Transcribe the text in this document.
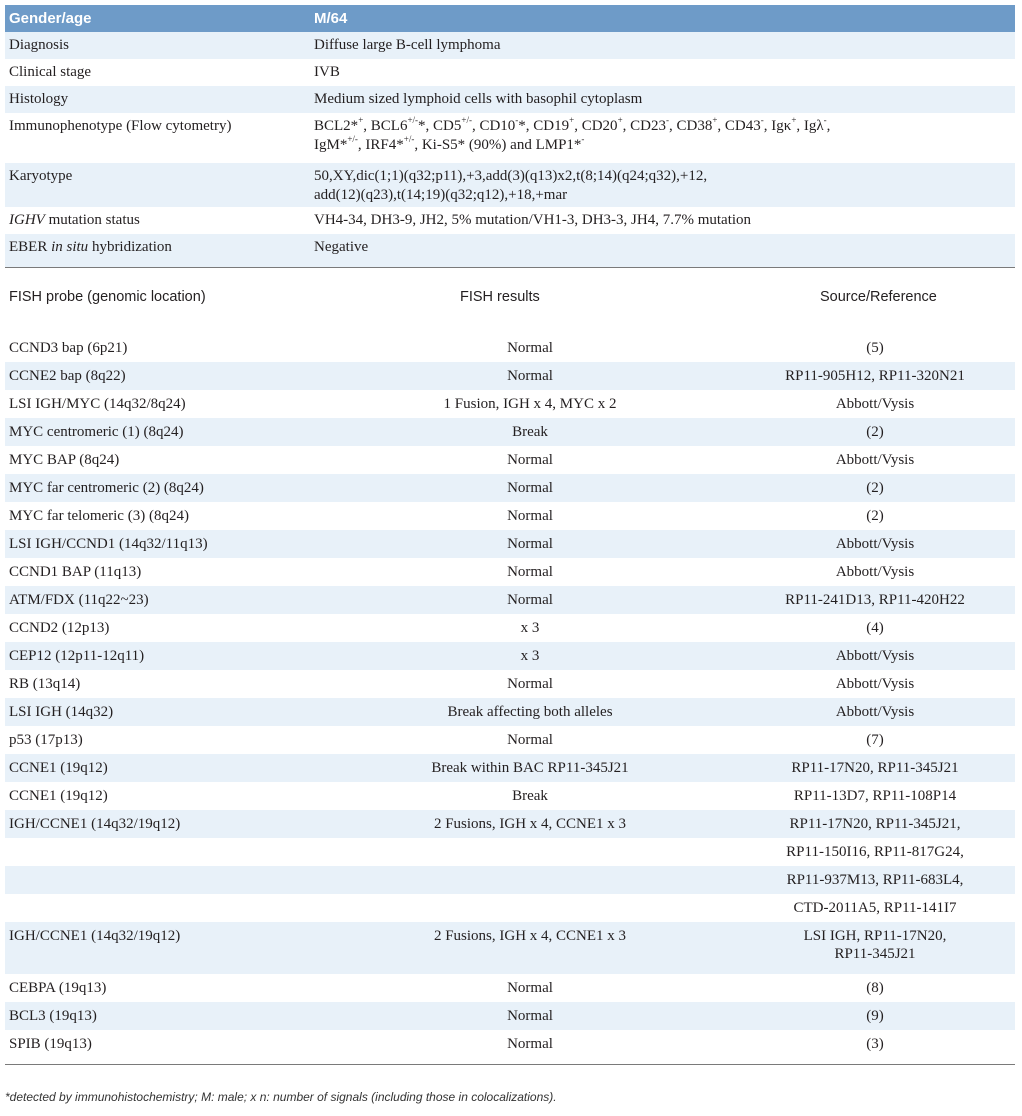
Gender/age	M/64
Diagnosis	Diffuse large B-cell lymphoma
Clinical stage	IVB
Histology	Medium sized lymphoid cells with basophil cytoplasm
Immunophenotype (Flow cytometry)	BCL2*+, BCL6+/-*, CD5+/-, CD10-*, CD19+, CD20+, CD23-, CD38+, CD43-, Igκ+, Igλ-,
IgM*+/-, IRF4*+/-, Ki-S5* (90%) and LMP1*-
Karyotype	50,XY,dic(1;1)(q32;p11),+3,add(3)(q13)x2,t(8;14)(q24;q32),+12,
add(12)(q23),t(14;19)(q32;q12),+18,+mar
IGHV mutation status	VH4-34, DH3-9, JH2, 5% mutation/VH1-3, DH3-3, JH4, 7.7% mutation
EBER in situ hybridization	Negative
FISH probe (genomic location)	FISH results	Source/Reference
CCND3 bap (6p21)	Normal	(5)
CCNE2 bap (8q22)	Normal	RP11-905H12, RP11-320N21
LSI IGH/MYC (14q32/8q24)	1 Fusion, IGH x 4, MYC x 2	Abbott/Vysis
MYC centromeric (1) (8q24)	Break	(2)
MYC BAP (8q24)	Normal	Abbott/Vysis
MYC far centromeric (2) (8q24)	Normal	(2)
MYC far telomeric (3) (8q24)	Normal	(2)
LSI IGH/CCND1 (14q32/11q13)	Normal	Abbott/Vysis
CCND1 BAP (11q13)	Normal	Abbott/Vysis
ATM/FDX (11q22~23)	Normal	RP11-241D13, RP11-420H22
CCND2 (12p13)	x 3	(4)
CEP12 (12p11-12q11)	x 3	Abbott/Vysis
RB (13q14)	Normal	Abbott/Vysis
LSI IGH (14q32)	Break affecting both alleles	Abbott/Vysis
p53 (17p13)	Normal	(7)
CCNE1 (19q12)	Break within BAC RP11-345J21	RP11-17N20, RP11-345J21
CCNE1 (19q12)	Break	RP11-13D7, RP11-108P14
IGH/CCNE1 (14q32/19q12)	2 Fusions, IGH x 4, CCNE1 x 3	RP11-17N20, RP11-345J21,
RP11-150I16, RP11-817G24,
RP11-937M13, RP11-683L4,
CTD-2011A5, RP11-141I7
IGH/CCNE1 (14q32/19q12)	2 Fusions, IGH x 4, CCNE1 x 3	LSI IGH, RP11-17N20,
RP11-345J21
CEBPA (19q13)	Normal	(8)
BCL3 (19q13)	Normal	(9)
SPIB (19q13)	Normal	(3)
*detected by immunohistochemistry; M: male; x n: number of signals (including those in colocalizations).
